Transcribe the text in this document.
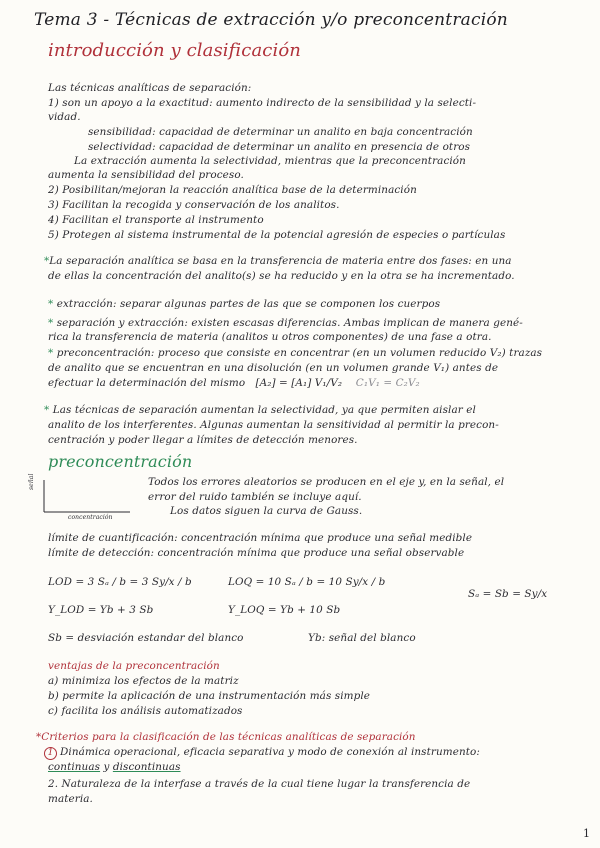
Tema 3 - Técnicas de extracción y/o preconcentración
introducción y clasificación
Las técnicas analíticas de separación:
1) son un apoyo a la exactitud: aumento indirecto de la sensibilidad y la selecti-
vidad.
sensibilidad: capacidad de determinar un analito en baja concentración
selectividad: capacidad de determinar un analito en presencia de otros
La extracción aumenta la selectividad, mientras que la preconcentración
aumenta la sensibilidad del proceso.
2) Posibilitan/mejoran la reacción analítica base de la determinación
3) Facilitan la recogida y conservación de los analitos.
4) Facilitan el transporte al instrumento
5) Protegen al sistema instrumental de la potencial agresión de especies o partículas
*La separación analítica se basa en la transferencia de materia entre dos fases: en una
de ellas la concentración del analito(s) se ha reducido y en la otra se ha incrementado.
* extracción: separar algunas partes de las que se componen los cuerpos
* separación y extracción: existen escasas diferencias. Ambas implican de manera gené-
rica la transferencia de materia (analitos u otros componentes) de una fase a otra.
* preconcentración: proceso que consiste en concentrar (en un volumen reducido V₂) trazas
de analito que se encuentran en una disolución (en un volumen grande V₁) antes de
efectuar la determinación del mismo [A₂] = [A₁] V₁/V₂ C₁V₁ = C₂V₂
* Las técnicas de separación aumentan la selectividad, ya que permiten aislar el
analito de los interferentes. Algunas aumentan la sensitividad al permitir la precon-
centración y poder llegar a límites de detección menores.
preconcentración
señal
concentración
Todos los errores aleatorios se producen en el eje y, en la señal, el
error del ruido también se incluye aquí.
Los datos siguen la curva de Gauss.
límite de cuantificación: concentración mínima que produce una señal medible
límite de detección: concentración mínima que produce una señal observable
LOD = 3 Sₐ / b = 3 Sy/x / b	LOQ = 10 Sₐ / b = 10 Sy/x / b
Sₐ = Sb = Sy/x
Y_LOD = Yb + 3 Sb	Y_LOQ = Yb + 10 Sb
Sb = desviación estandar del blanco	Yb: señal del blanco
ventajas de la preconcentración
a) minimiza los efectos de la matriz
b) permite la aplicación de una instrumentación más simple
c) facilita los análisis automatizados
*Criterios para la clasificación de las técnicas analíticas de separación
1 Dinámica operacional, eficacia separativa y modo de conexión al instrumento:
continuas y discontinuas
2. Naturaleza de la interfase a través de la cual tiene lugar la transferencia de
materia.
1
